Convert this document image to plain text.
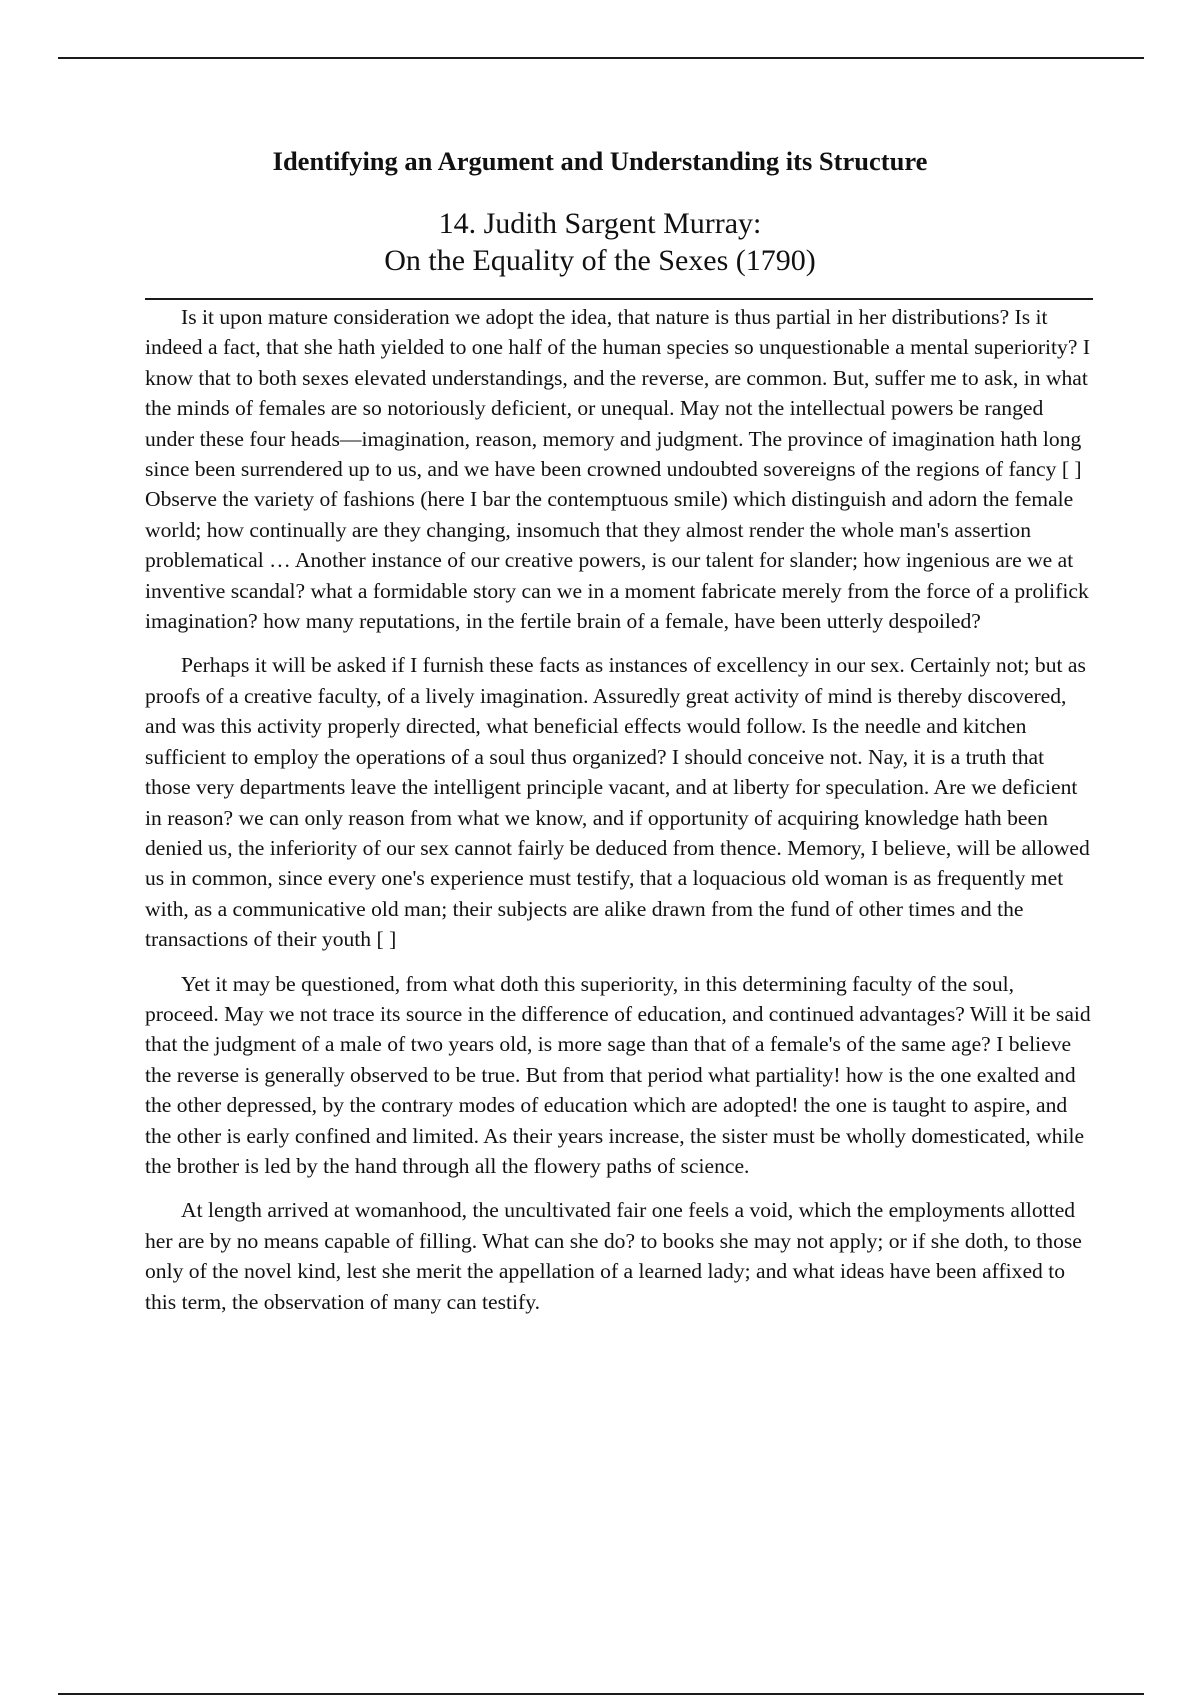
Identifying an Argument and Understanding its Structure
14. Judith Sargent Murray:
On the Equality of the Sexes (1790)

Is it upon mature consideration we adopt the idea, that nature is thus partial in her distributions? Is it indeed a fact, that she hath yielded to one half of the human species so unquestionable a mental superiority? I know that to both sexes elevated understandings, and the reverse, are common. But, suffer me to ask, in what the minds of females are so notoriously deficient, or unequal. May not the intellectual powers be ranged under these four heads—imagination, reason, memory and judgment. The province of imagination hath long since been surrendered up to us, and we have been crowned undoubted sovereigns of the regions of fancy [ ] Observe the variety of fashions (here I bar the contemptuous smile) which distinguish and adorn the female world; how continually are they changing, insomuch that they almost render the whole man's assertion problematical … Another instance of our creative powers, is our talent for slander; how ingenious are we at inventive scandal? what a formidable story can we in a moment fabricate merely from the force of a prolifick imagination? how many reputations, in the fertile brain of a female, have been utterly despoiled?

Perhaps it will be asked if I furnish these facts as instances of excellency in our sex. Certainly not; but as proofs of a creative faculty, of a lively imagination. Assuredly great activity of mind is thereby discovered, and was this activity properly directed, what beneficial effects would follow. Is the needle and kitchen sufficient to employ the operations of a soul thus organized? I should conceive not. Nay, it is a truth that those very departments leave the intelligent principle vacant, and at liberty for speculation. Are we deficient in reason? we can only reason from what we know, and if opportunity of acquiring knowledge hath been denied us, the inferiority of our sex cannot fairly be deduced from thence. Memory, I believe, will be allowed us in common, since every one's experience must testify, that a loquacious old woman is as frequently met with, as a communicative old man; their subjects are alike drawn from the fund of other times and the transactions of their youth [ ]

Yet it may be questioned, from what doth this superiority, in this determining faculty of the soul, proceed. May we not trace its source in the difference of education, and continued advantages? Will it be said that the judgment of a male of two years old, is more sage than that of a female's of the same age? I believe the reverse is generally observed to be true. But from that period what partiality! how is the one exalted and the other depressed, by the contrary modes of education which are adopted! the one is taught to aspire, and the other is early confined and limited. As their years increase, the sister must be wholly domesticated, while the brother is led by the hand through all the flowery paths of science.

At length arrived at womanhood, the uncultivated fair one feels a void, which the employments allotted her are by no means capable of filling. What can she do? to books she may not apply; or if she doth, to those only of the novel kind, lest she merit the appellation of a learned lady; and what ideas have been affixed to this term, the observation of many can testify.
